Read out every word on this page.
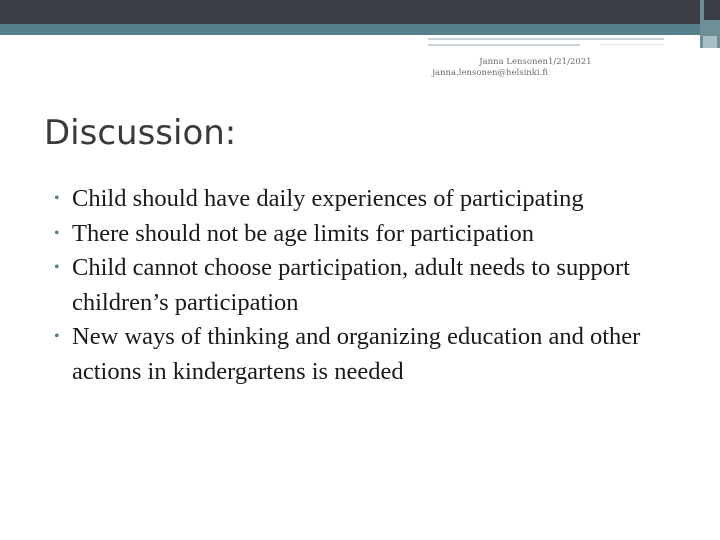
Janna Lensonen
janna.lensonen@helsinki.fi
1/21/2021
Discussion:
• Child should have daily experiences of participating
• There should not be age limits for participation
• Child cannot choose participation, adult needs to support children’s participation
• New ways of thinking and organizing education and other actions in kindergartens is needed
